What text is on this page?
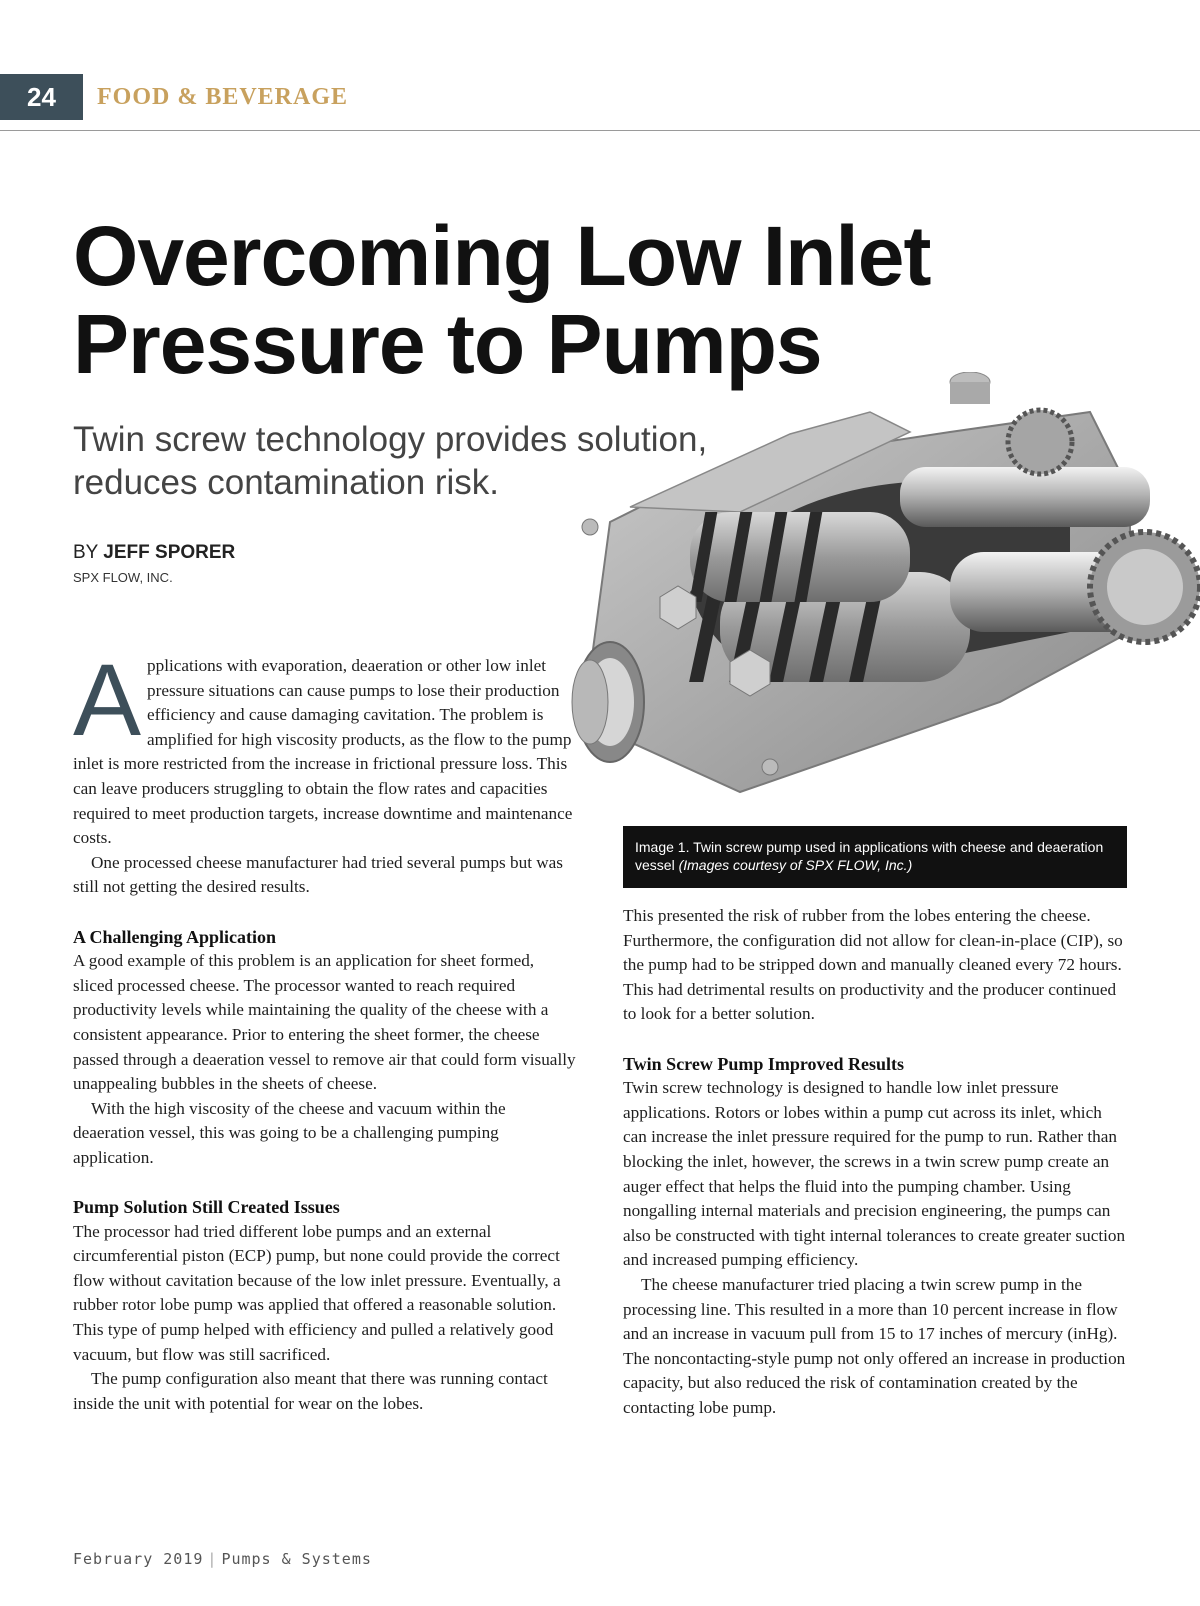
24	FOOD & BEVERAGE
Overcoming Low Inlet Pressure to Pumps
Twin screw technology provides solution, reduces contamination risk.
BY JEFF SPORER
SPX FLOW, INC.
Image 1. Twin screw pump used in applications with cheese and deaeration vessel (Images courtesy of SPX FLOW, Inc.)

Applications with evaporation, deaeration or other low inlet pressure situations can cause pumps to lose their production efficiency and cause damaging cavitation. The problem is amplified for high viscosity products, as the flow to the pump inlet is more restricted from the increase in frictional pressure loss. This can leave producers struggling to obtain the flow rates and capacities required to meet production targets, increase downtime and maintenance costs.

One processed cheese manufacturer had tried several pumps but was still not getting the desired results.

A Challenging Application

A good example of this problem is an application for sheet formed, sliced processed cheese. The processor wanted to reach required productivity levels while maintaining the quality of the cheese with a consistent appearance. Prior to entering the sheet former, the cheese passed through a deaeration vessel to remove air that could form visually unappealing bubbles in the sheets of cheese.

With the high viscosity of the cheese and vacuum within the deaeration vessel, this was going to be a challenging pumping application.

Pump Solution Still Created Issues

The processor had tried different lobe pumps and an external circumferential piston (ECP) pump, but none could provide the correct flow without cavitation because of the low inlet pressure. Eventually, a rubber rotor lobe pump was applied that offered a reasonable solution. This type of pump helped with efficiency and pulled a relatively good vacuum, but flow was still sacrificed.

The pump configuration also meant that there was running contact inside the unit with potential for wear on the lobes.

This presented the risk of rubber from the lobes entering the cheese. Furthermore, the configuration did not allow for clean-in-place (CIP), so the pump had to be stripped down and manually cleaned every 72 hours. This had detrimental results on productivity and the producer continued to look for a better solution.

Twin Screw Pump Improved Results

Twin screw technology is designed to handle low inlet pressure applications. Rotors or lobes within a pump cut across its inlet, which can increase the inlet pressure required for the pump to run. Rather than blocking the inlet, however, the screws in a twin screw pump create an auger effect that helps the fluid into the pumping chamber. Using nongalling internal materials and precision engineering, the pumps can also be constructed with tight internal tolerances to create greater suction and increased pumping efficiency.

The cheese manufacturer tried placing a twin screw pump in the processing line. This resulted in a more than 10 percent increase in flow and an increase in vacuum pull from 15 to 17 inches of mercury (inHg). The noncontacting-style pump not only offered an increase in production capacity, but also reduced the risk of contamination created by the contacting lobe pump.

February 2019 | Pumps & Systems
